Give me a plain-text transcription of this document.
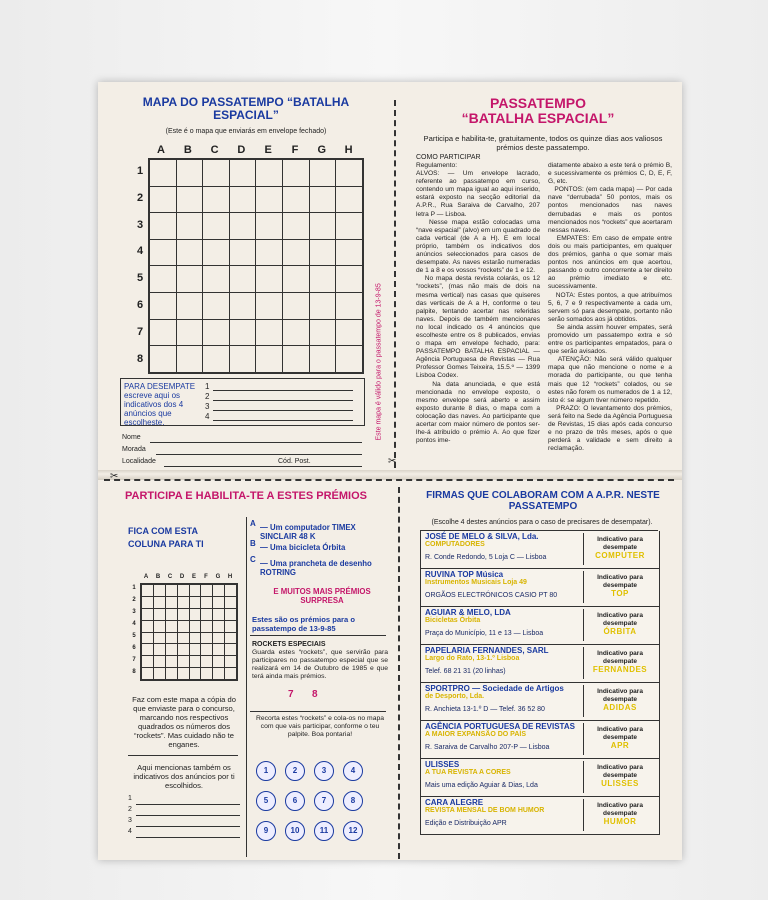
MAPA DO PASSATEMPO “BATALHA ESPACIAL”
(Este é o mapa que enviarás em envelope fechado)
A B C D	E	F	G H
1
2
3
4
5
6
7
8

PARA DESEMPATE escreve aqui os indicativos dos 4 anúncios que escolheste.
1
2
3
4
Nome
Morada
Localidade	Cód. Post.
Este mapa é válido para o passatempo de 13-9-85
✂
PASSATEMPO
“BATALHA ESPACIAL”
Participa e habilita-te, gratuitamente, todos os quinze dias aos valiosos prémios deste passatempo.
COMO PARTICIPAR
Regulamento:
ALVOS: — Um envelope lacrado, referente ao passatempo em curso, contendo um mapa igual ao aqui inserido, estará exposto na secção editorial da A.P.R., Rua Saraiva de Carvalho, 207 letra P — Lisboa.
Nesse mapa estão colocadas uma “nave espacial” (alvo) em um quadrado de cada vertical (de A a H). E em local próprio, também os indicativos dos anúncios seleccionados para casos de desempate. As naves estarão numeradas de 1 a 8 e os vossos “rockets” de 1 e 12.
No mapa desta revista colarás, os 12 “rockets”, (mas não mais de dois na mesma vertical) nas casas que quiseres das verticais de A a H, conforme o teu palpite, tentando acertar nas referidas naves. Depois de também mencionares no local indicado os 4 anúncios que escolheste entre os 8 publicados, envias o mapa em envelope fechado, para: PASSATEMPO BATALHA ESPACIAL — Agência Portuguesa de Revistas — Rua Professor Gomes Teixeira, 15.5.º — 1399 Lisboa Codex.
Na data anunciada, e que está mencionada no envelope exposto, o mesmo envelope será aberto e assim exposto durante 8 dias, o mapa com a colocação das naves. Ao participante que acertar com maior número de pontos ser-lhe-á atribuído o prémio A. Ao que fizer pontos ime-
diatamente abaixo a este terá o prémio B, e sucessivamente os prémios C, D, E, F, G, etc.
PONTOS: (em cada mapa) — Por cada nave “derrubada” 50 pontos, mais os pontos mencionados nas naves derrubadas e mais os pontos mencionados nos “rockets” que acertaram nessas naves.
EMPATES: Em caso de empate entre dois ou mais participantes, em qualquer dos prémios, ganha o que somar mais pontos nos anúncios em que acertou, passando o outro concorrente a ter direito ao prémio imediato e etc. sucessivamente.
NOTA: Estes pontos, a que atribuímos 5, 6, 7 e 9 respectivamente a cada um, servem só para desempate, portanto não serão somados aos já obtidos.
Se ainda assim houver empates, será promovido um passatempo extra e só entre os participantes empatados, para o que serão avisados.
ATENÇÃO: Não será válido qualquer mapa que não mencione o nome e a morada do participante, ou que tenha mais que 12 “rockets” colados, ou se estes não forem os numerados de 1 a 12, isto é: se algum tiver número repetido.
PRAZO: O levantamento dos prémios, será feito na Sede da Agência Portuguesa de Revistas, 15 dias após cada concurso e no prazo de três meses, após o que perderá a validade e sem direito a reclamação.
✂
PARTICIPA E HABILITA-TE A ESTES PRÉMIOS
FICA COM ESTA COLUNA PARA TI
A	B	C	D	E	F	G	H
1
2
3
4
5
6
7
8

Faz com este mapa a cópia do que enviaste para o concurso, marcando nos respectivos quadrados os números dos “rockets”. Mas cuidado não te enganes.
Aqui mencionas também os indicativos dos anúncios por ti escolhidos.
1
2
3
4
A — Um computador TIMEX SINCLAIR 48 K
B — Uma bicicleta Órbita
C — Uma prancheta de desenho ROTRING
E MUITOS MAIS PRÉMIOS SURPRESA
Estes são os prémios para o passatempo de 13-9-85
ROCKETS ESPECIAIS
Guarda estes “rockets”, que servirão para participares no passatempo especial que se realizará em 14 de Outubro de 1985 e que terá ainda mais prémios.
7 8
Recorta estes “rockets” e cola-os no mapa com que vais participar, conforme o teu palpite. Boa pontaria!
1	2	3	4
5	6	7	8
9	10	11	12
FIRMAS QUE COLABORAM COM A A.P.R. NESTE PASSATEMPO
(Escolhe 4 destes anúncios para o caso de precisares de desempatar).
JOSÉ DE MELO & SILVA, Lda.
COMPUTADORES
R. Conde Redondo, 5 Loja C — Lisboa
Indicativo para desempate
COMPUTER
RUVINA TOP Música
Instrumentos Musicais Loja 49
ORGÃOS ELECTRÓNICOS CASIO PT 80
Indicativo para desempate
TOP
AGUIAR & MELO, LDA
Bicicletas Órbita
Praça do Município, 11 e 13 — Lisboa
Indicativo para desempate
ÓRBITA
PAPELARIA FERNANDES, SARL
Largo do Rato, 13-1.º Lisboa
Telef. 68 21 31 (20 linhas)
Indicativo para desempate
FERNANDES
SPORTPRO — Sociedade de Artigos
de Desporto, Lda.
R. Anchieta 13-1.º D — Telef. 36 52 80
Indicativo para desempate
ADIDAS
AGÊNCIA PORTUGUESA DE REVISTAS
A MAIOR EXPANSÃO DO PAÍS
R. Saraiva de Carvalho 207-P — Lisboa
Indicativo para desempate
APR
ULISSES
A TUA REVISTA A CORES
Mais uma edição Aguiar & Dias, Lda
Indicativo para desempate
ULISSES
CARA ALEGRE
REVISTA MENSAL DE BOM HUMOR
Edição e Distribuição APR
Indicativo para desempate
HUMOR
